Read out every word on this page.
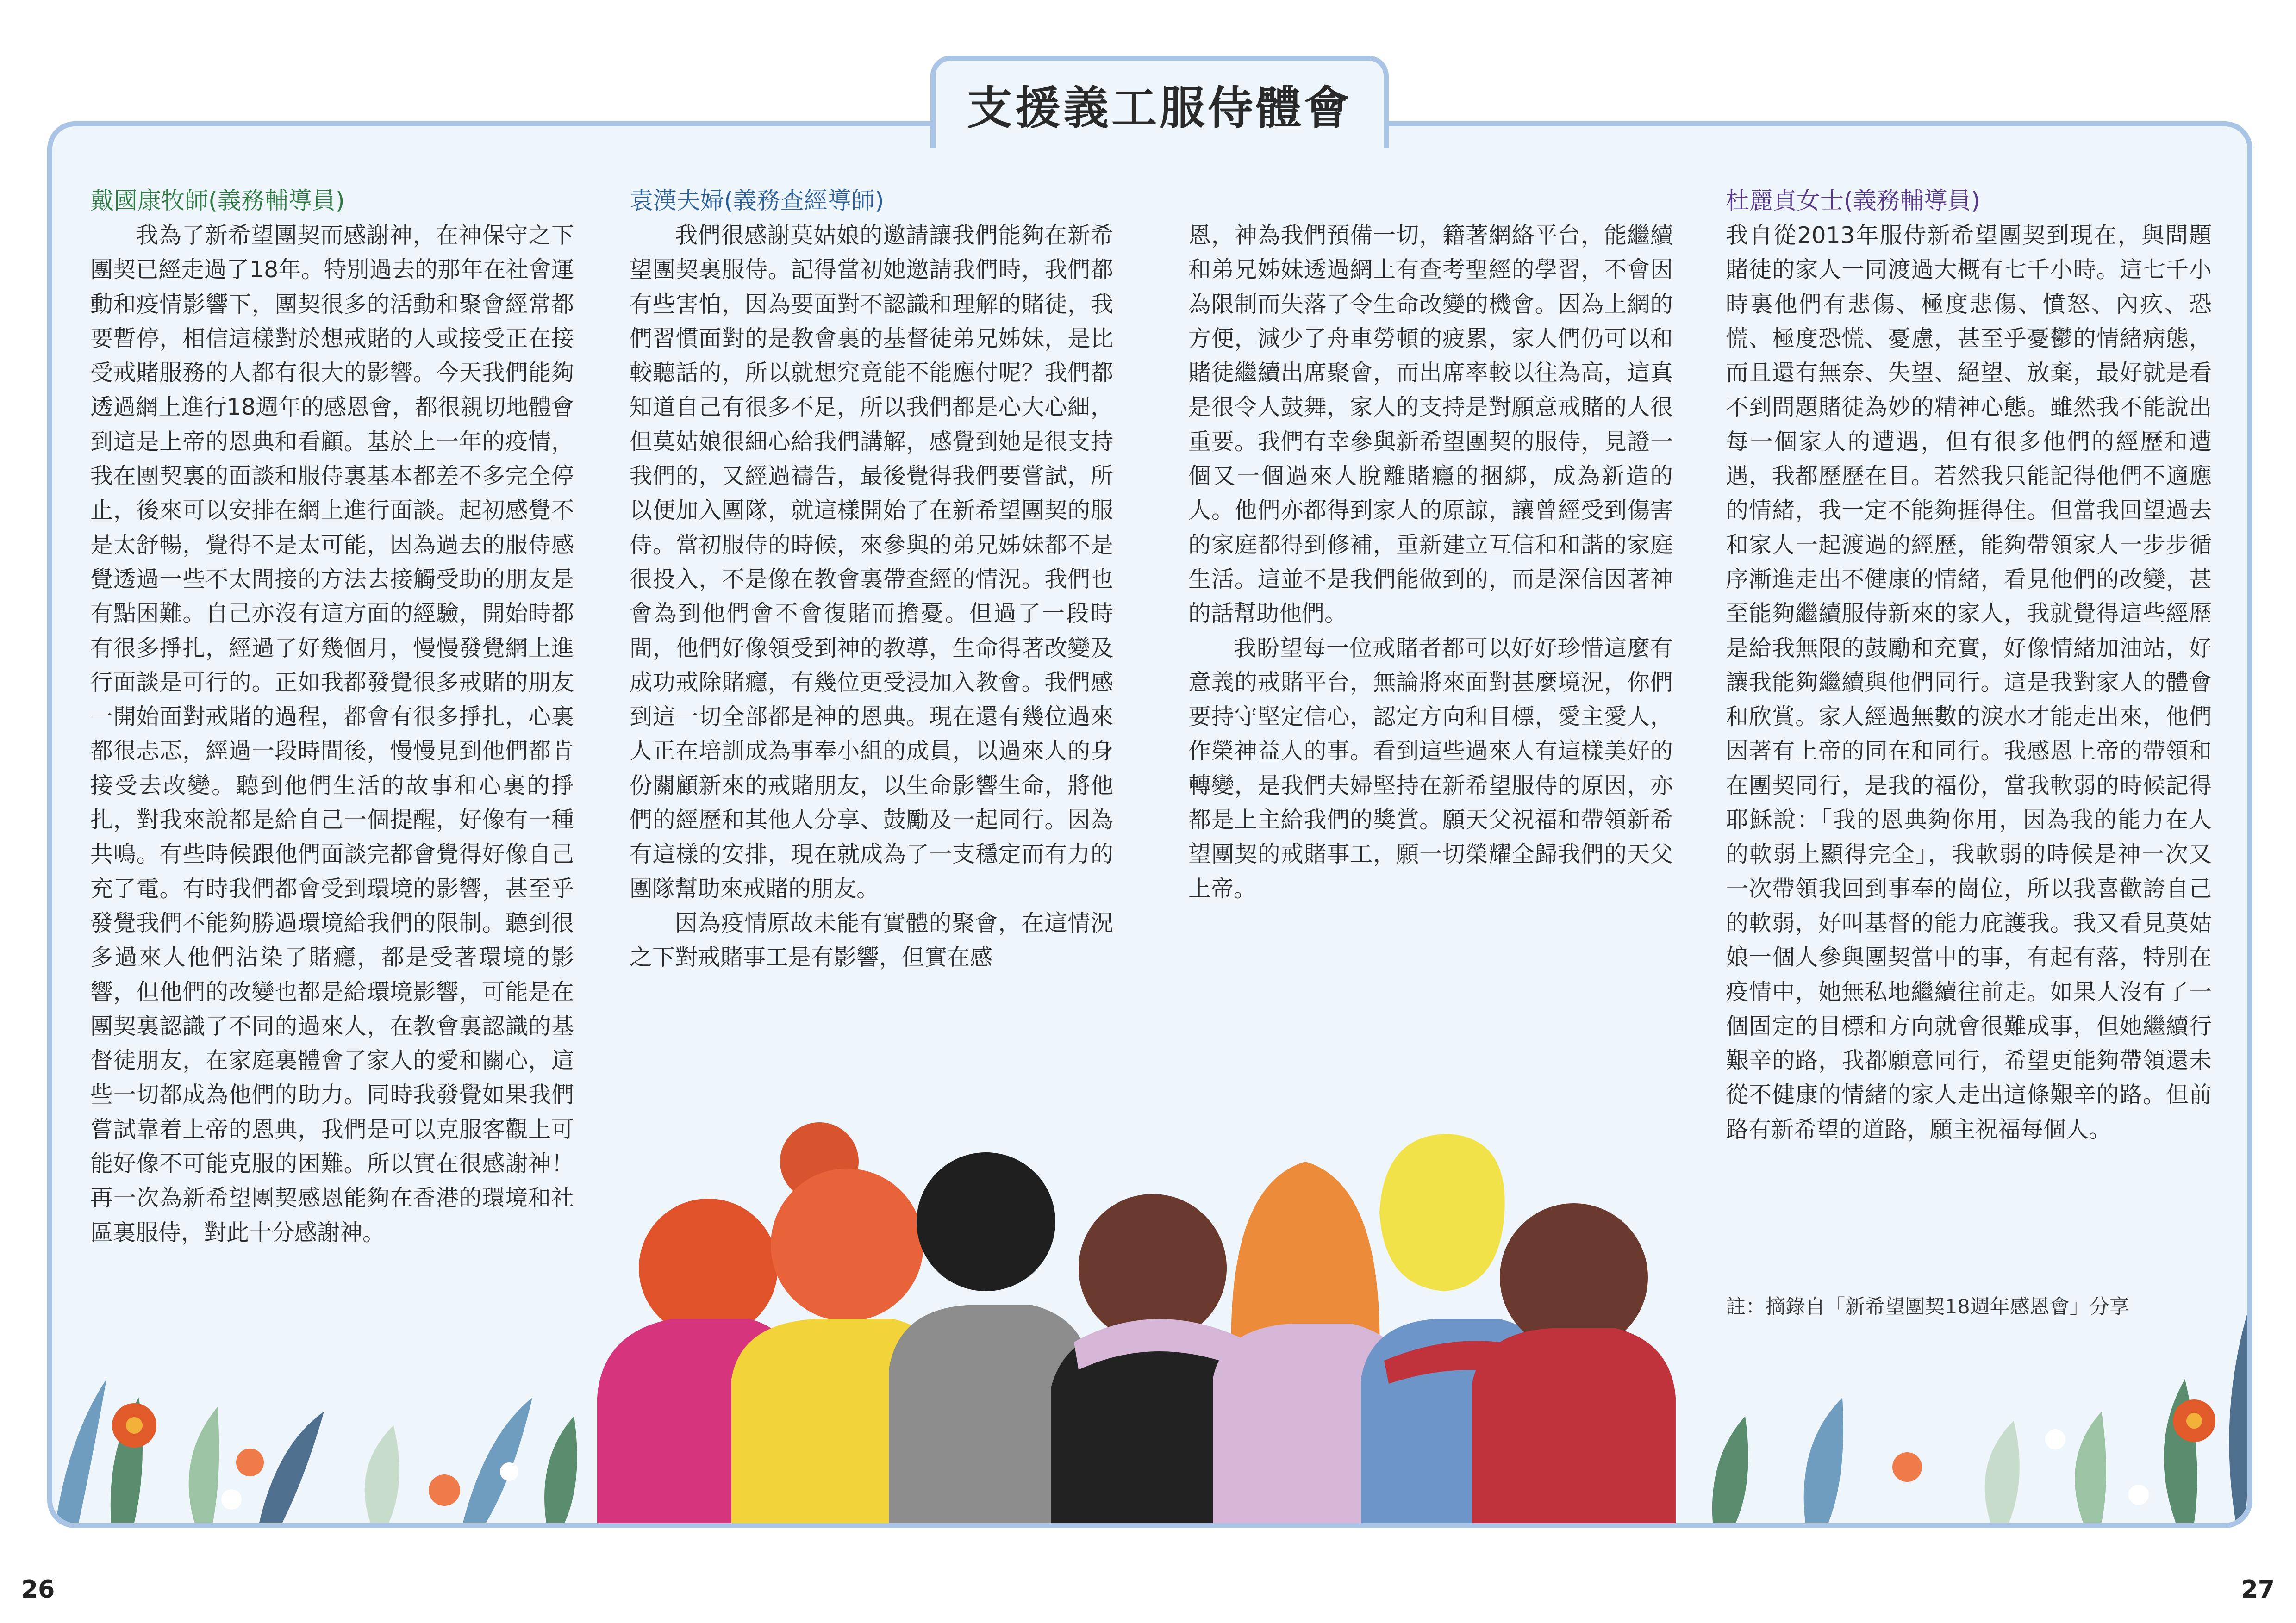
支援義工服侍體會

戴國康牧師(義務輔導員)

我為了新希望團契而感謝神，在神保守之下團契已經走過了18年。特別過去的那年在社會運動和疫情影響下，團契很多的活動和聚會經常都要暫停，相信這樣對於想戒賭的人或接受正在接受戒賭服務的人都有很大的影響。今天我們能夠透過網上進行18週年的感恩會，都很親切地體會到這是上帝的恩典和看顧。基於上一年的疫情，我在團契裏的面談和服侍裏基本都差不多完全停止，後來可以安排在網上進行面談。起初感覺不是太舒暢，覺得不是太可能，因為過去的服侍感覺透過一些不太間接的方法去接觸受助的朋友是有點困難。自己亦沒有這方面的經驗，開始時都有很多掙扎，經過了好幾個月，慢慢發覺網上進行面談是可行的。正如我都發覺很多戒賭的朋友一開始面對戒賭的過程，都會有很多掙扎，心裏都很忐忑，經過一段時間後，慢慢見到他們都肯接受去改變。聽到他們生活的故事和心裏的掙扎，對我來說都是給自己一個提醒，好像有一種共鳴。有些時候跟他們面談完都會覺得好像自己充了電。有時我們都會受到環境的影響，甚至乎發覺我們不能夠勝過環境給我們的限制。聽到很多過來人他們沾染了賭癮，都是受著環境的影響，但他們的改變也都是給環境影響，可能是在團契裏認識了不同的過來人，在教會裏認識的基督徒朋友，在家庭裏體會了家人的愛和關心，這些一切都成為他們的助力。同時我發覺如果我們嘗試靠着上帝的恩典，我們是可以克服客觀上可能好像不可能克服的困難。所以實在很感謝神！再一次為新希望團契感恩能夠在香港的環境和社區裏服侍，對此十分感謝神。

袁漢夫婦(義務查經導師)

我們很感謝莫姑娘的邀請讓我們能夠在新希望團契裏服侍。記得當初她邀請我們時，我們都有些害怕，因為要面對不認識和理解的賭徒，我們習慣面對的是教會裏的基督徒弟兄姊妹，是比較聽話的，所以就想究竟能不能應付呢？我們都知道自己有很多不足，所以我們都是心大心細，但莫姑娘很細心給我們講解，感覺到她是很支持我們的，又經過禱告，最後覺得我們要嘗試，所以便加入團隊，就這樣開始了在新希望團契的服侍。當初服侍的時候，來參與的弟兄姊妹都不是很投入，不是像在教會裏帶查經的情況。我們也會為到他們會不會復賭而擔憂。但過了一段時間，他們好像領受到神的教導，生命得著改變及成功戒除賭癮，有幾位更受浸加入教會。我們感到這一切全部都是神的恩典。現在還有幾位過來人正在培訓成為事奉小組的成員，以過來人的身份關顧新來的戒賭朋友，以生命影響生命，將他們的經歷和其他人分享、鼓勵及一起同行。因為有這樣的安排，現在就成為了一支穩定而有力的團隊幫助來戒賭的朋友。

因為疫情原故未能有實體的聚會，在這情況之下對戒賭事工是有影響，但實在感

恩，神為我們預備一切，籍著網絡平台，能繼續和弟兄姊妹透過網上有查考聖經的學習，不會因為限制而失落了令生命改變的機會。因為上網的方便，減少了舟車勞頓的疲累，家人們仍可以和賭徒繼續出席聚會，而出席率較以往為高，這真是很令人鼓舞，家人的支持是對願意戒賭的人很重要。我們有幸參與新希望團契的服侍，見證一個又一個過來人脫離賭癮的捆綁，成為新造的人。他們亦都得到家人的原諒，讓曾經受到傷害的家庭都得到修補，重新建立互信和和諧的家庭生活。這並不是我們能做到的，而是深信因著神的話幫助他們。

我盼望每一位戒賭者都可以好好珍惜這麼有意義的戒賭平台，無論將來面對甚麼境況，你們要持守堅定信心，認定方向和目標，愛主愛人，作榮神益人的事。看到這些過來人有這樣美好的轉變，是我們夫婦堅持在新希望服侍的原因，亦都是上主給我們的獎賞。願天父祝福和帶領新希望團契的戒賭事工，願一切榮耀全歸我們的天父上帝。

杜麗貞女士(義務輔導員)

我自從2013年服侍新希望團契到現在，與問題賭徒的家人一同渡過大概有七千小時。這七千小時裏他們有悲傷、極度悲傷、憤怒、內疚、恐慌、極度恐慌、憂慮，甚至乎憂鬱的情緒病態，而且還有無奈、失望、絕望、放棄，最好就是看不到問題賭徒為妙的精神心態。雖然我不能說出每一個家人的遭遇，但有很多他們的經歷和遭遇，我都歷歷在目。若然我只能記得他們不適應的情緒，我一定不能夠捱得住。但當我回望過去和家人一起渡過的經歷，能夠帶領家人一步步循序漸進走出不健康的情緒，看見他們的改變，甚至能夠繼續服侍新來的家人，我就覺得這些經歷是給我無限的鼓勵和充實，好像情緒加油站，好讓我能夠繼續與他們同行。這是我對家人的體會和欣賞。家人經過無數的淚水才能走出來，他們因著有上帝的同在和同行。我感恩上帝的帶領和在團契同行，是我的福份，當我軟弱的時候記得耶穌說：「我的恩典夠你用，因為我的能力在人的軟弱上顯得完全」，我軟弱的時候是神一次又一次帶領我回到事奉的崗位，所以我喜歡誇自己的軟弱，好叫基督的能力庇護我。我又看見莫姑娘一個人參與團契當中的事，有起有落，特別在疫情中，她無私地繼續往前走。如果人沒有了一個固定的目標和方向就會很難成事，但她繼續行艱辛的路，我都願意同行，希望更能夠帶領還未從不健康的情緒的家人走出這條艱辛的路。但前路有新希望的道路，願主祝福每個人。

註：摘錄自「新希望團契18週年感恩會」分享
26	27
